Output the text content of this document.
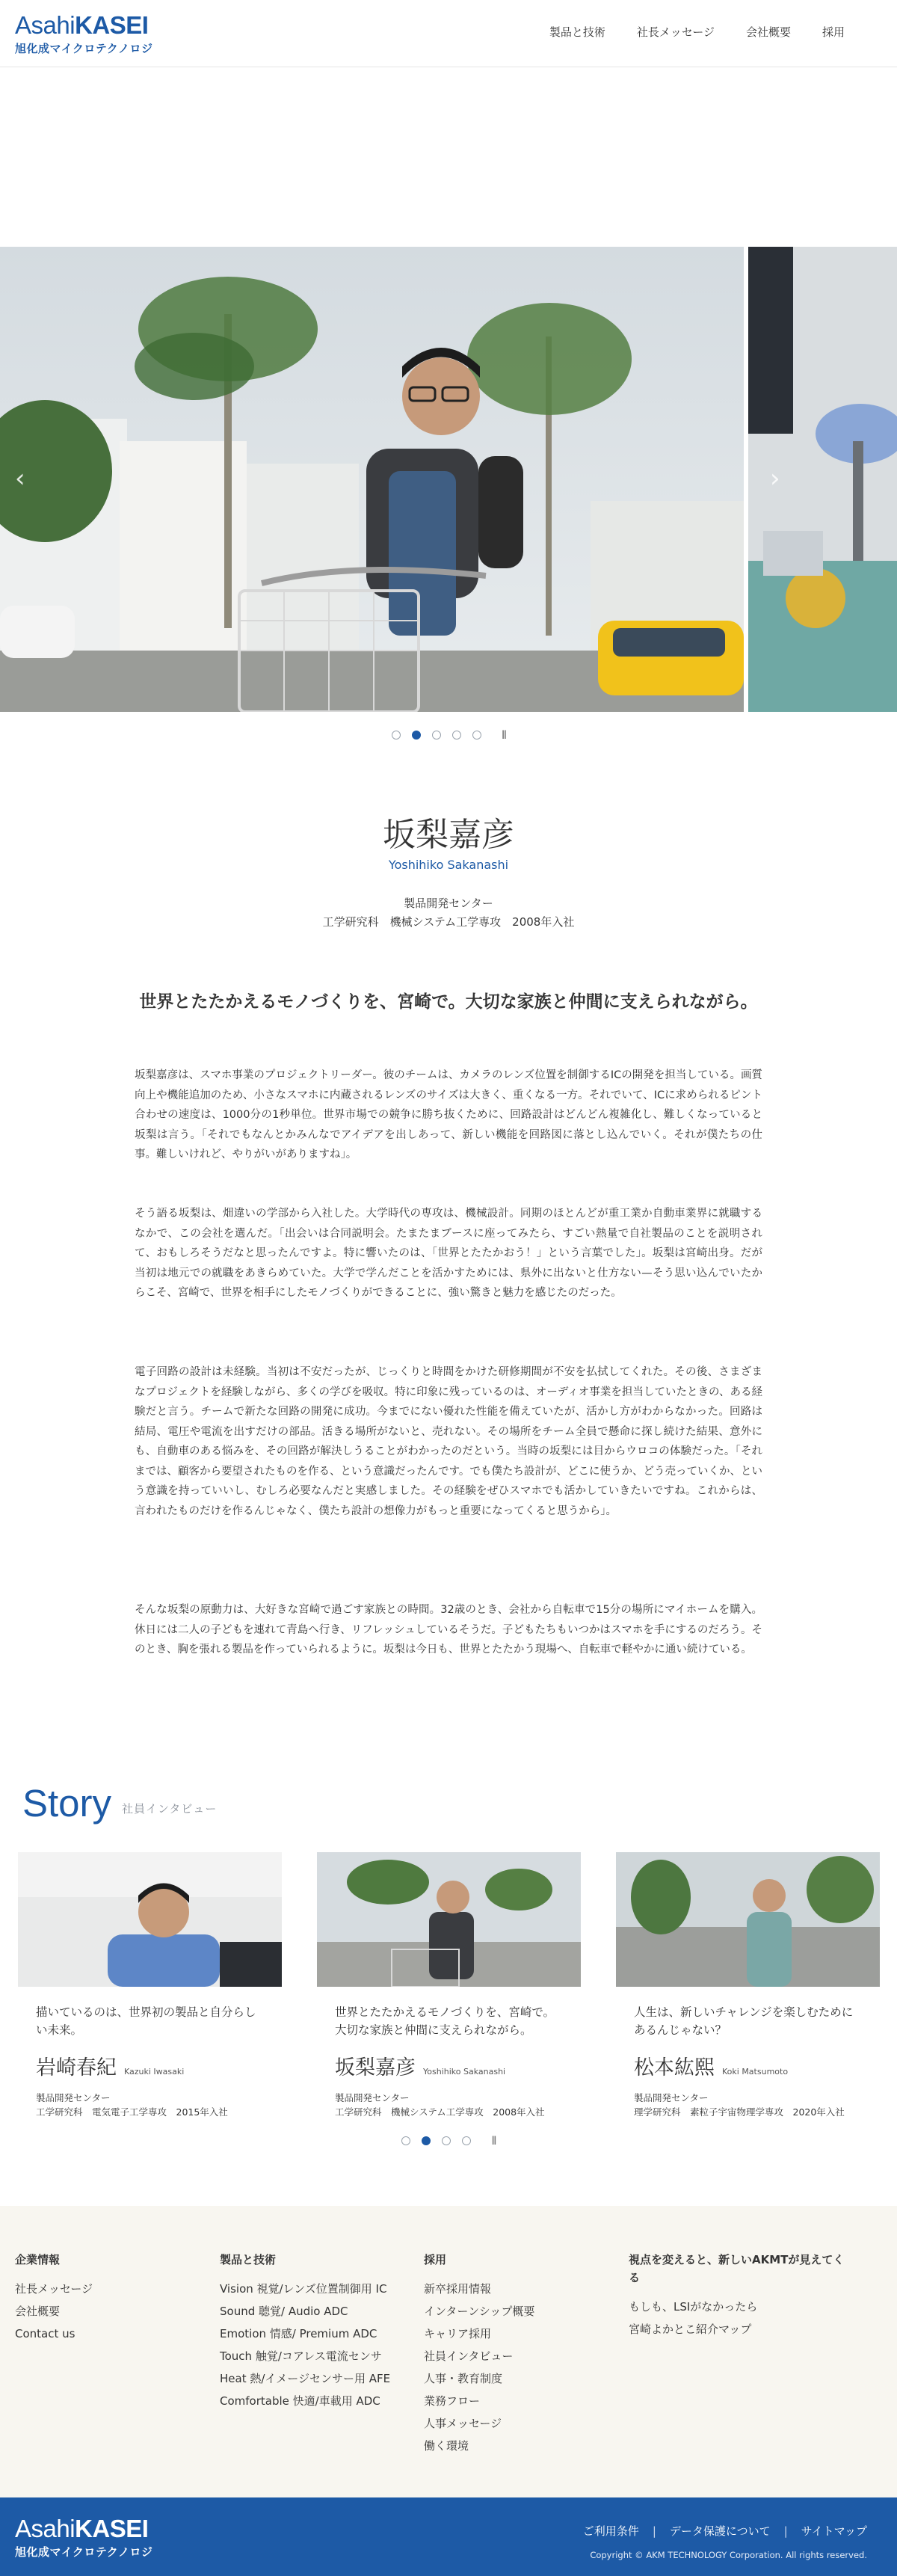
AsahiKASEI
旭化成マイクロテクノロジ
製品と技術	社長メッセージ	会社概要	採用
‹	›
II
坂梨嘉彦
Yoshihiko Sakanashi
製品開発センター
工学研究科　機械システム工学専攻　2008年入社
世界とたたかえるモノづくりを、宮崎で。大切な家族と仲間に支えられながら。

坂梨嘉彦は、スマホ事業のプロジェクトリーダー。彼のチームは、カメラのレンズ位置を制御するICの開発を担当している。画質向上や機能追加のため、小さなスマホに内蔵されるレンズのサイズは大きく、重くなる一方。それでいて、ICに求められるピント合わせの速度は、1000分の1秒単位。世界市場での競争に勝ち抜くために、回路設計はどんどん複雑化し、難しくなっていると坂梨は言う。「それでもなんとかみんなでアイデアを出しあって、新しい機能を回路図に落とし込んでいく。それが僕たちの仕事。難しいけれど、やりがいがありますね」。

そう語る坂梨は、畑違いの学部から入社した。大学時代の専攻は、機械設計。同期のほとんどが重工業か自動車業界に就職するなかで、この会社を選んだ。「出会いは合同説明会。たまたまブースに座ってみたら、すごい熱量で自社製品のことを説明されて、おもしろそうだなと思ったんですよ。特に響いたのは、「世界とたたかおう！」という言葉でした」。坂梨は宮崎出身。だが当初は地元での就職をあきらめていた。大学で学んだことを活かすためには、県外に出ないと仕方ない—そう思い込んでいたからこそ、宮崎で、世界を相手にしたモノづくりができることに、強い驚きと魅力を感じたのだった。

電子回路の設計は未経験。当初は不安だったが、じっくりと時間をかけた研修期間が不安を払拭してくれた。その後、さまざまなプロジェクトを経験しながら、多くの学びを吸収。特に印象に残っているのは、オーディオ事業を担当していたときの、ある経験だと言う。チームで新たな回路の開発に成功。今までにない優れた性能を備えていたが、活かし方がわからなかった。回路は結局、電圧や電流を出すだけの部品。活きる場所がないと、売れない。その場所をチーム全員で懸命に探し続けた結果、意外にも、自動車のある悩みを、その回路が解決しうることがわかったのだという。当時の坂梨には目からウロコの体験だった。「それまでは、顧客から要望されたものを作る、という意識だったんです。でも僕たち設計が、どこに使うか、どう売っていくか、という意識を持っていいし、むしろ必要なんだと実感しました。その経験をぜひスマホでも活かしていきたいですね。これからは、言われたものだけを作るんじゃなく、僕たち設計の想像力がもっと重要になってくると思うから」。

そんな坂梨の原動力は、大好きな宮崎で過ごす家族との時間。32歳のとき、会社から自転車で15分の場所にマイホームを購入。休日には二人の子どもを連れて青島へ行き、リフレッシュしているそうだ。子どもたちもいつかはスマホを手にするのだろう。そのとき、胸を張れる製品を作っていられるように。坂梨は今日も、世界とたたかう現場へ、自転車で軽やかに通い続けている。

Story 社員インタビュー

描いているのは、世界初の製品と自分らしい未来。

岩崎春紀 Kazuki Iwasaki
製品開発センター
工学研究科　電気電子工学専攻　2015年入社

世界とたたかえるモノづくりを、宮崎で。大切な家族と仲間に支えられながら。

坂梨嘉彦 Yoshihiko Sakanashi
製品開発センター
工学研究科　機械システム工学専攻　2008年入社

人生は、新しいチャレンジを楽しむためにあるんじゃない？

松本紘熙 Koki Matsumoto
製品開発センター
理学研究科　素粒子宇宙物理学専攻　2020年入社
II
企業情報
社長メッセージ
会社概要
Contact us
製品と技術
Vision 視覚/レンズ位置制御用 IC
Sound 聴覚/ Audio ADC
Emotion 情感/ Premium ADC
Touch 触覚/コアレス電流センサ
Heat 熱/イメージセンサー用 AFE
Comfortable 快適/車載用 ADC
採用
新卒採用情報
インターンシップ概要
キャリア採用
社員インタビュー
人事・教育制度
業務フロー
人事メッセージ
働く環境
視点を変えると、新しいAKMTが見えてくる
もしも、LSIがなかったら
宮崎よかとこ紹介マップ
AsahiKASEI
旭化成マイクロテクノロジ
ご利用条件 | データ保護について | サイトマップ
Copyright © AKM TECHNOLOGY Corporation. All rights reserved.
